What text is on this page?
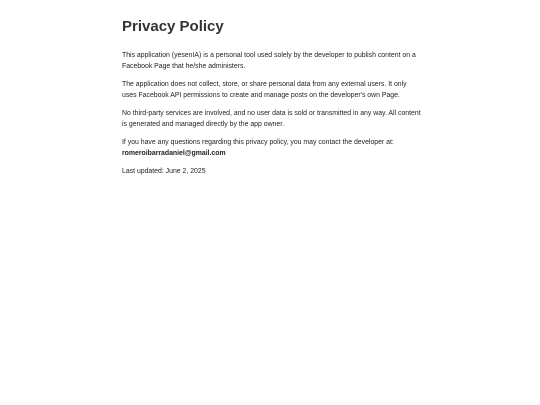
Privacy Policy

This application (yesenIA) is a personal tool used solely by the developer to publish content on a Facebook Page that he/she administers.

The application does not collect, store, or share personal data from any external users. It only uses Facebook API permissions to create and manage posts on the developer's own Page.

No third-party services are involved, and no user data is sold or transmitted in any way. All content is generated and managed directly by the app owner.

If you have any questions regarding this privacy policy, you may contact the developer at:
romeroibarradaniel@gmail.com

Last updated: June 2, 2025
